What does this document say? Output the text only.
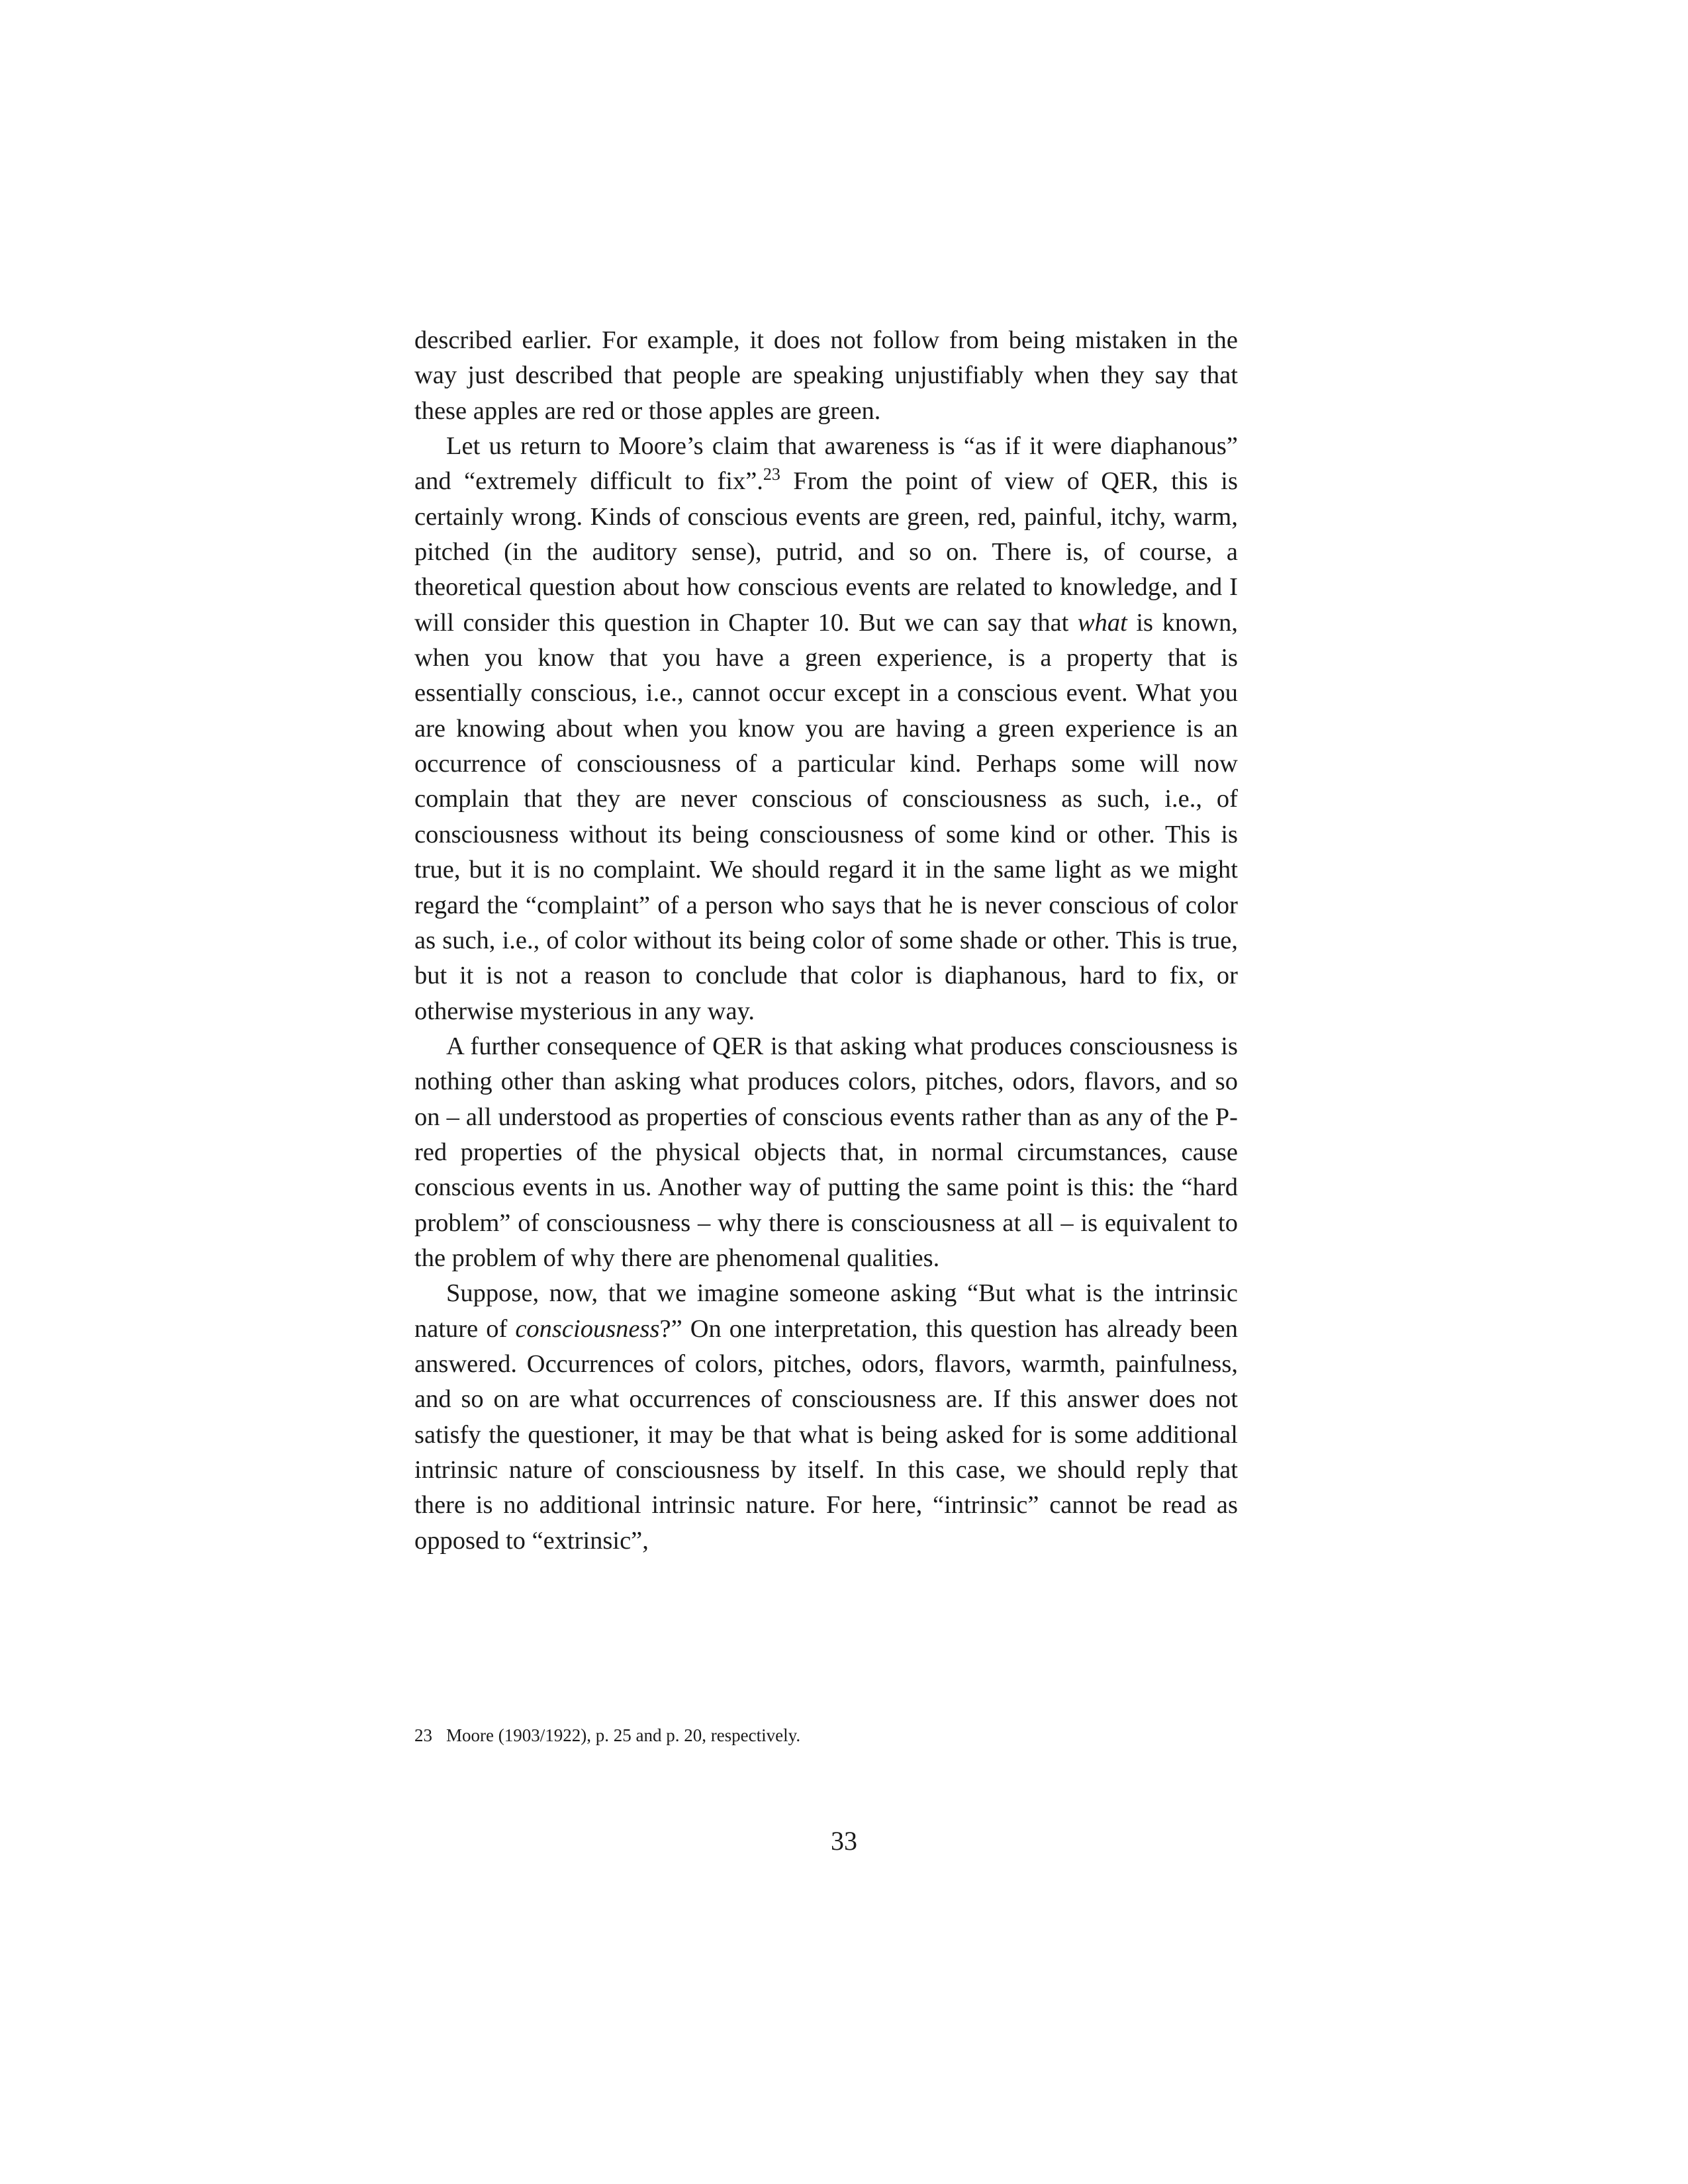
described earlier. For example, it does not follow from being mistaken in the way just described that people are speaking unjustifiably when they say that these apples are red or those apples are green.

Let us return to Moore’s claim that awareness is “as if it were diaphanous” and “extremely difficult to fix”.$^{23}$ From the point of view of QER, this is certainly wrong. Kinds of conscious events are green, red, painful, itchy, warm, pitched (in the auditory sense), putrid, and so on. There is, of course, a theoretical question about how conscious events are related to knowledge, and I will consider this question in Chapter 10. But we can say that what is known, when you know that you have a green experience, is a property that is essentially conscious, i.e., cannot occur except in a conscious event. What you are knowing about when you know you are having a green experience is an occurrence of consciousness of a particular kind. Perhaps some will now complain that they are never conscious of consciousness as such, i.e., of consciousness without its being consciousness of some kind or other. This is true, but it is no complaint. We should regard it in the same light as we might regard the “complaint” of a person who says that he is never conscious of color as such, i.e., of color without its being color of some shade or other. This is true, but it is not a reason to conclude that color is diaphanous, hard to fix, or otherwise mysterious in any way.

A further consequence of QER is that asking what produces consciousness is nothing other than asking what produces colors, pitches, odors, flavors, and so on – all understood as properties of conscious events rather than as any of the P-red properties of the physical objects that, in normal circumstances, cause conscious events in us. Another way of putting the same point is this: the “hard problem” of consciousness – why there is consciousness at all – is equivalent to the problem of why there are phenomenal qualities.

Suppose, now, that we imagine someone asking “But what is the intrinsic nature of consciousness?” On one interpretation, this question has already been answered. Occurrences of colors, pitches, odors, flavors, warmth, painfulness, and so on are what occurrences of consciousness are. If this answer does not satisfy the questioner, it may be that what is being asked for is some additional intrinsic nature of consciousness by itself. In this case, we should reply that there is no additional intrinsic nature. For here, “intrinsic” cannot be read as opposed to “extrinsic”,

23 Moore (1903/1922), p. 25 and p. 20, respectively.
33
